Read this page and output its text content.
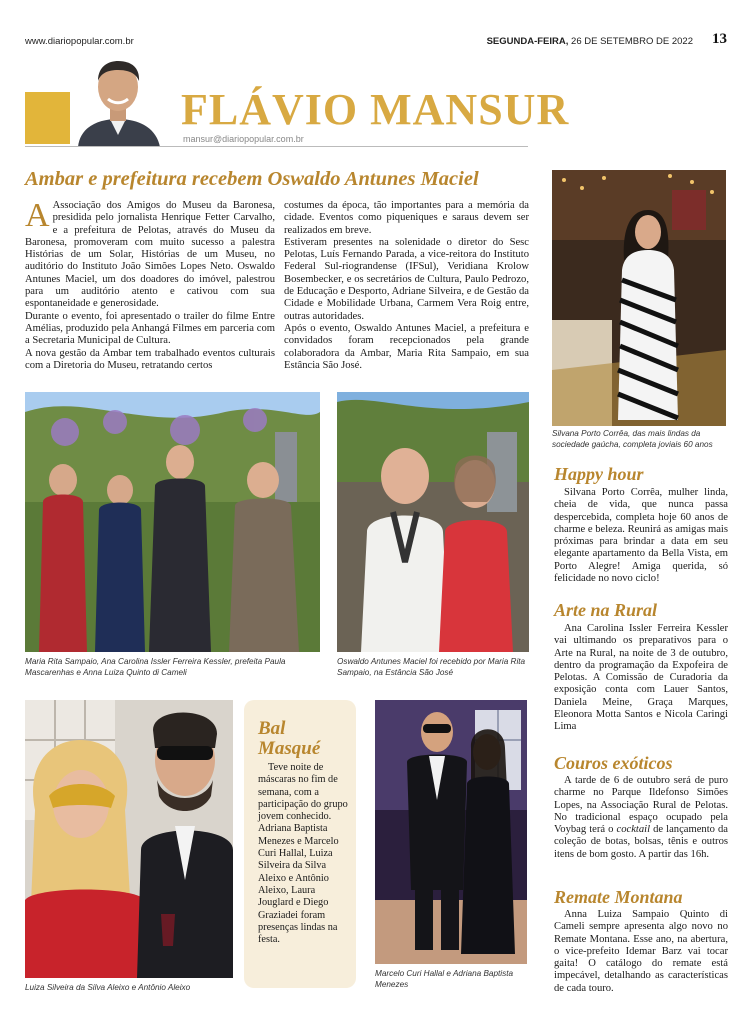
www.diariopopular.com.br	SEGUNDA-FEIRA, 26 DE SETEMBRO DE 2022 13
FLÁVIO MANSUR
mansur@diariopopular.com.br
Ambar e prefeitura recebem Oswaldo Antunes Maciel

A Associação dos Amigos do Museu da Baronesa, presidida pelo jornalista Henrique Fetter Carvalho, e a prefeitura de Pelotas, através do Museu da Baronesa, promoveram com muito sucesso a palestra Histórias de um Solar, Histórias de um Museu, no auditório do Instituto João Simões Lopes Neto. Oswaldo Antunes Maciel, um dos doadores do imóvel, palestrou para um auditório atento e cativou com sua espontaneidade e generosidade.

Durante o evento, foi apresentado o trailer do filme Entre Amélias, produzido pela Anhangá Filmes em parceria com a Secretaria Municipal de Cultura.

A nova gestão da Ambar tem trabalhado eventos culturais com a Diretoria do Museu, retratando certos

costumes da época, tão importantes para a memória da cidade. Eventos como piqueniques e saraus devem ser realizados em breve.

Estiveram presentes na solenidade o diretor do Sesc Pelotas, Luís Fernando Parada, a vice-reitora do Instituto Federal Sul-riograndense (IFSul), Veridiana Krolow Bosembecker, e os secretários de Cultura, Paulo Pedrozo, de Educação e Desporto, Adriane Silveira, e de Gestão da Cidade e Mobilidade Urbana, Carmem Vera Roig entre, outras autoridades.

Após o evento, Oswaldo Antunes Maciel, a prefeitura e convidados foram recepcionados pela grande colaboradora da Ambar, Maria Rita Sampaio, em sua Estância São José.

Silvana Porto Corrêa, das mais lindas da sociedade gaúcha, completa joviais 60 anos
Maria Rita Sampaio, Ana Carolina Issler Ferreira Kessler, prefeita Paula Mascarenhas e Anna Luiza Quinto di Cameli
Oswaldo Antunes Maciel foi recebido por Maria Rita Sampaio, na Estância São José
Happy hour

Silvana Porto Corrêa, mulher linda, cheia de vida, que nunca passa despercebida, completa hoje 60 anos de charme e beleza. Reunirá as amigas mais próximas para brindar a data em seu elegante apartamento da Bella Vista, em Porto Alegre! Amiga querida, só felicidade no novo ciclo!

Arte na Rural

Ana Carolina Issler Ferreira Kessler vai ultimando os preparativos para o Arte na Rural, na noite de 3 de outubro, dentro da programação da Expofeira de Pelotas. A Comissão de Curadoria da exposição conta com Lauer Santos, Daniela Meine, Graça Marques, Eleonora Motta Santos e Nicola Caringi Lima

Couros exóticos

A tarde de 6 de outubro será de puro charme no Parque Ildefonso Simões Lopes, na Associação Rural de Pelotas. No tradicional espaço ocupado pela Voybag terá o cocktail de lançamento da coleção de botas, bolsas, tênis e outros itens de bom gosto. A partir das 16h.

Remate Montana

Anna Luiza Sampaio Quinto di Cameli sempre apresenta algo novo no Remate Montana. Esse ano, na abertura, o vice-prefeito Idemar Barz vai tocar gaita! O catálogo do remate está impecável, detalhando as características de cada touro.

Luiza Silveira da Silva Aleixo e Antônio Aleixo
Bal Masqué

Teve noite de máscaras no fim de semana, com a participação do grupo jovem conhecido. Adriana Baptista Menezes e Marcelo Curi Hallal, Luiza Silveira da Silva Aleixo e Antônio Aleixo, Laura Jouglard e Diego Graziadei foram presenças lindas na festa.

Marcelo Curi Hallal e Adriana Baptista Menezes
